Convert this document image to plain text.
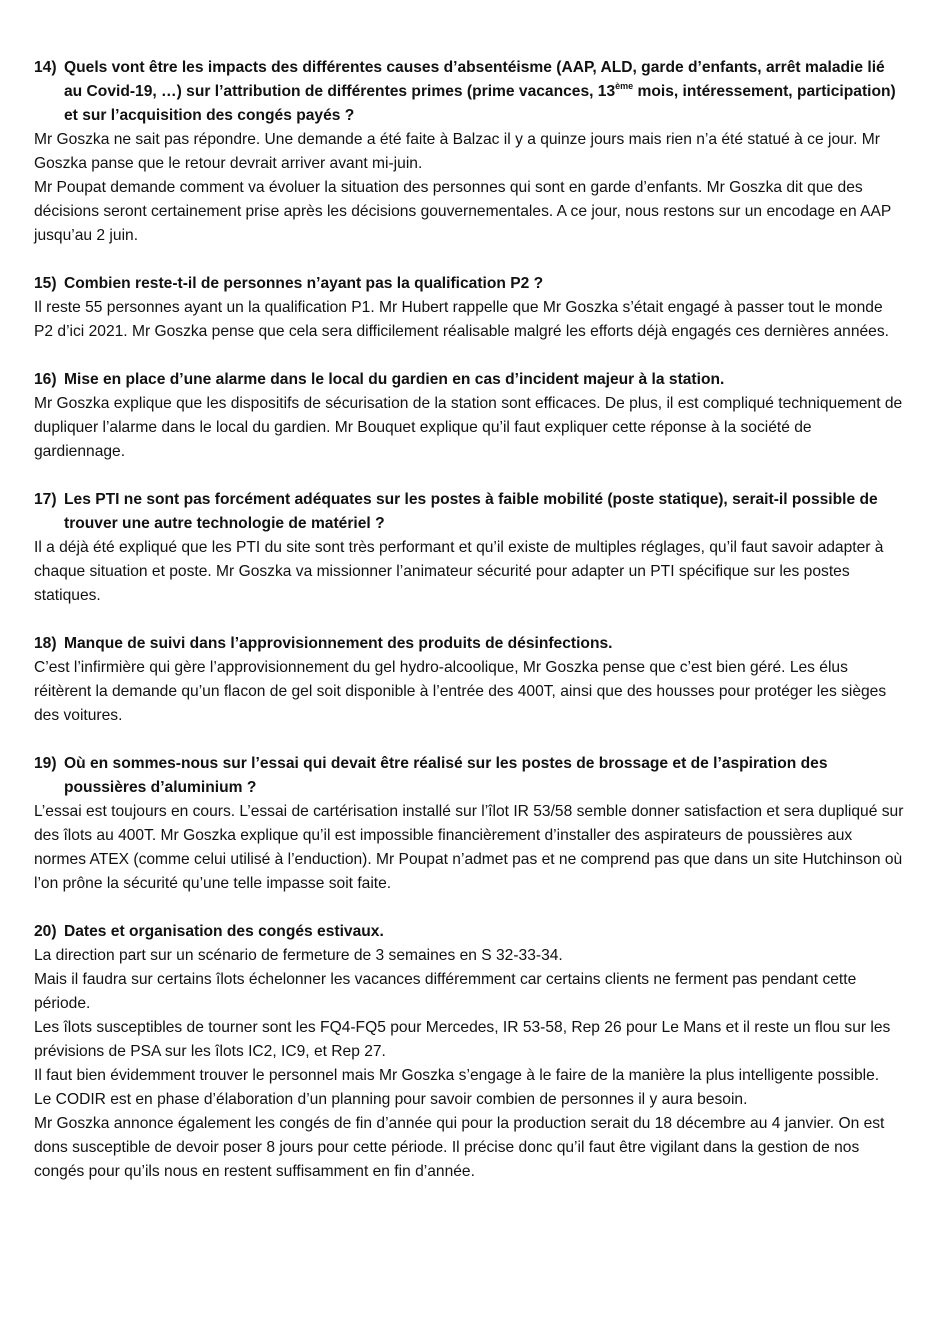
14) Quels vont être les impacts des différentes causes d’absentéisme (AAP, ALD, garde d’enfants, arrêt maladie lié au Covid-19, …) sur l’attribution de différentes primes (prime vacances, 13ème mois, intéressement, participation) et sur l’acquisition des congés payés ?

Mr Goszka ne sait pas répondre. Une demande a été faite à Balzac il y a quinze jours mais rien n’a été statué à ce jour. Mr Goszka panse que le retour devrait arriver avant mi-juin.

Mr Poupat demande comment va évoluer la situation des personnes qui sont en garde d’enfants. Mr Goszka dit que des décisions seront certainement prise après les décisions gouvernementales. A ce jour, nous restons sur un encodage en AAP jusqu’au 2 juin.

15) Combien reste-t-il de personnes n’ayant pas la qualification P2 ?

Il reste 55 personnes ayant un la qualification P1. Mr Hubert rappelle que Mr Goszka s’était engagé à passer tout le monde P2 d’ici 2021. Mr Goszka pense que cela sera difficilement réalisable malgré les efforts déjà engagés ces dernières années.

16) Mise en place d’une alarme dans le local du gardien en cas d’incident majeur à la station.

Mr Goszka explique que les dispositifs de sécurisation de la station sont efficaces. De plus, il est compliqué techniquement de dupliquer l’alarme dans le local du gardien. Mr Bouquet explique qu’il faut expliquer cette réponse à la société de gardiennage.

17) Les PTI ne sont pas forcément adéquates sur les postes à faible mobilité (poste statique), serait-il possible de trouver une autre technologie de matériel ?

Il a déjà été expliqué que les PTI du site sont très performant et qu’il existe de multiples réglages, qu’il faut savoir adapter à chaque situation et poste. Mr Goszka va missionner l’animateur sécurité pour adapter un PTI spécifique sur les postes statiques.

18) Manque de suivi dans l’approvisionnement des produits de désinfections.

C’est l’infirmière qui gère l’approvisionnement du gel hydro-alcoolique, Mr Goszka pense que c’est bien géré. Les élus réitèrent la demande qu’un flacon de gel soit disponible à l’entrée des 400T, ainsi que des housses pour protéger les sièges des voitures.

19) Où en sommes-nous sur l’essai qui devait être réalisé sur les postes de brossage et de l’aspiration des poussières d’aluminium ?

L’essai est toujours en cours. L’essai de cartérisation installé sur l’îlot IR 53/58 semble donner satisfaction et sera dupliqué sur des îlots au 400T. Mr Goszka explique qu’il est impossible financièrement d’installer des aspirateurs de poussières aux normes ATEX (comme celui utilisé à l’enduction). Mr Poupat n’admet pas et ne comprend pas que dans un site Hutchinson où l’on prône la sécurité qu’une telle impasse soit faite.

20) Dates et organisation des congés estivaux.

La direction part sur un scénario de fermeture de 3 semaines en S 32-33-34.

Mais il faudra sur certains îlots échelonner les vacances différemment car certains clients ne ferment pas pendant cette période.

Les îlots susceptibles de tourner sont les FQ4-FQ5 pour Mercedes, IR 53-58, Rep 26 pour Le Mans et il reste un flou sur les prévisions de PSA sur les îlots IC2, IC9, et Rep 27.

Il faut bien évidemment trouver le personnel mais Mr Goszka s’engage à le faire de la manière la plus intelligente possible.

Le CODIR est en phase d’élaboration d’un planning pour savoir combien de personnes il y aura besoin.

Mr Goszka annonce également les congés de fin d’année qui pour la production serait du 18 décembre au 4 janvier. On est dons susceptible de devoir poser 8 jours pour cette période. Il précise donc qu’il faut être vigilant dans la gestion de nos congés pour qu’ils nous en restent suffisamment en fin d’année.
